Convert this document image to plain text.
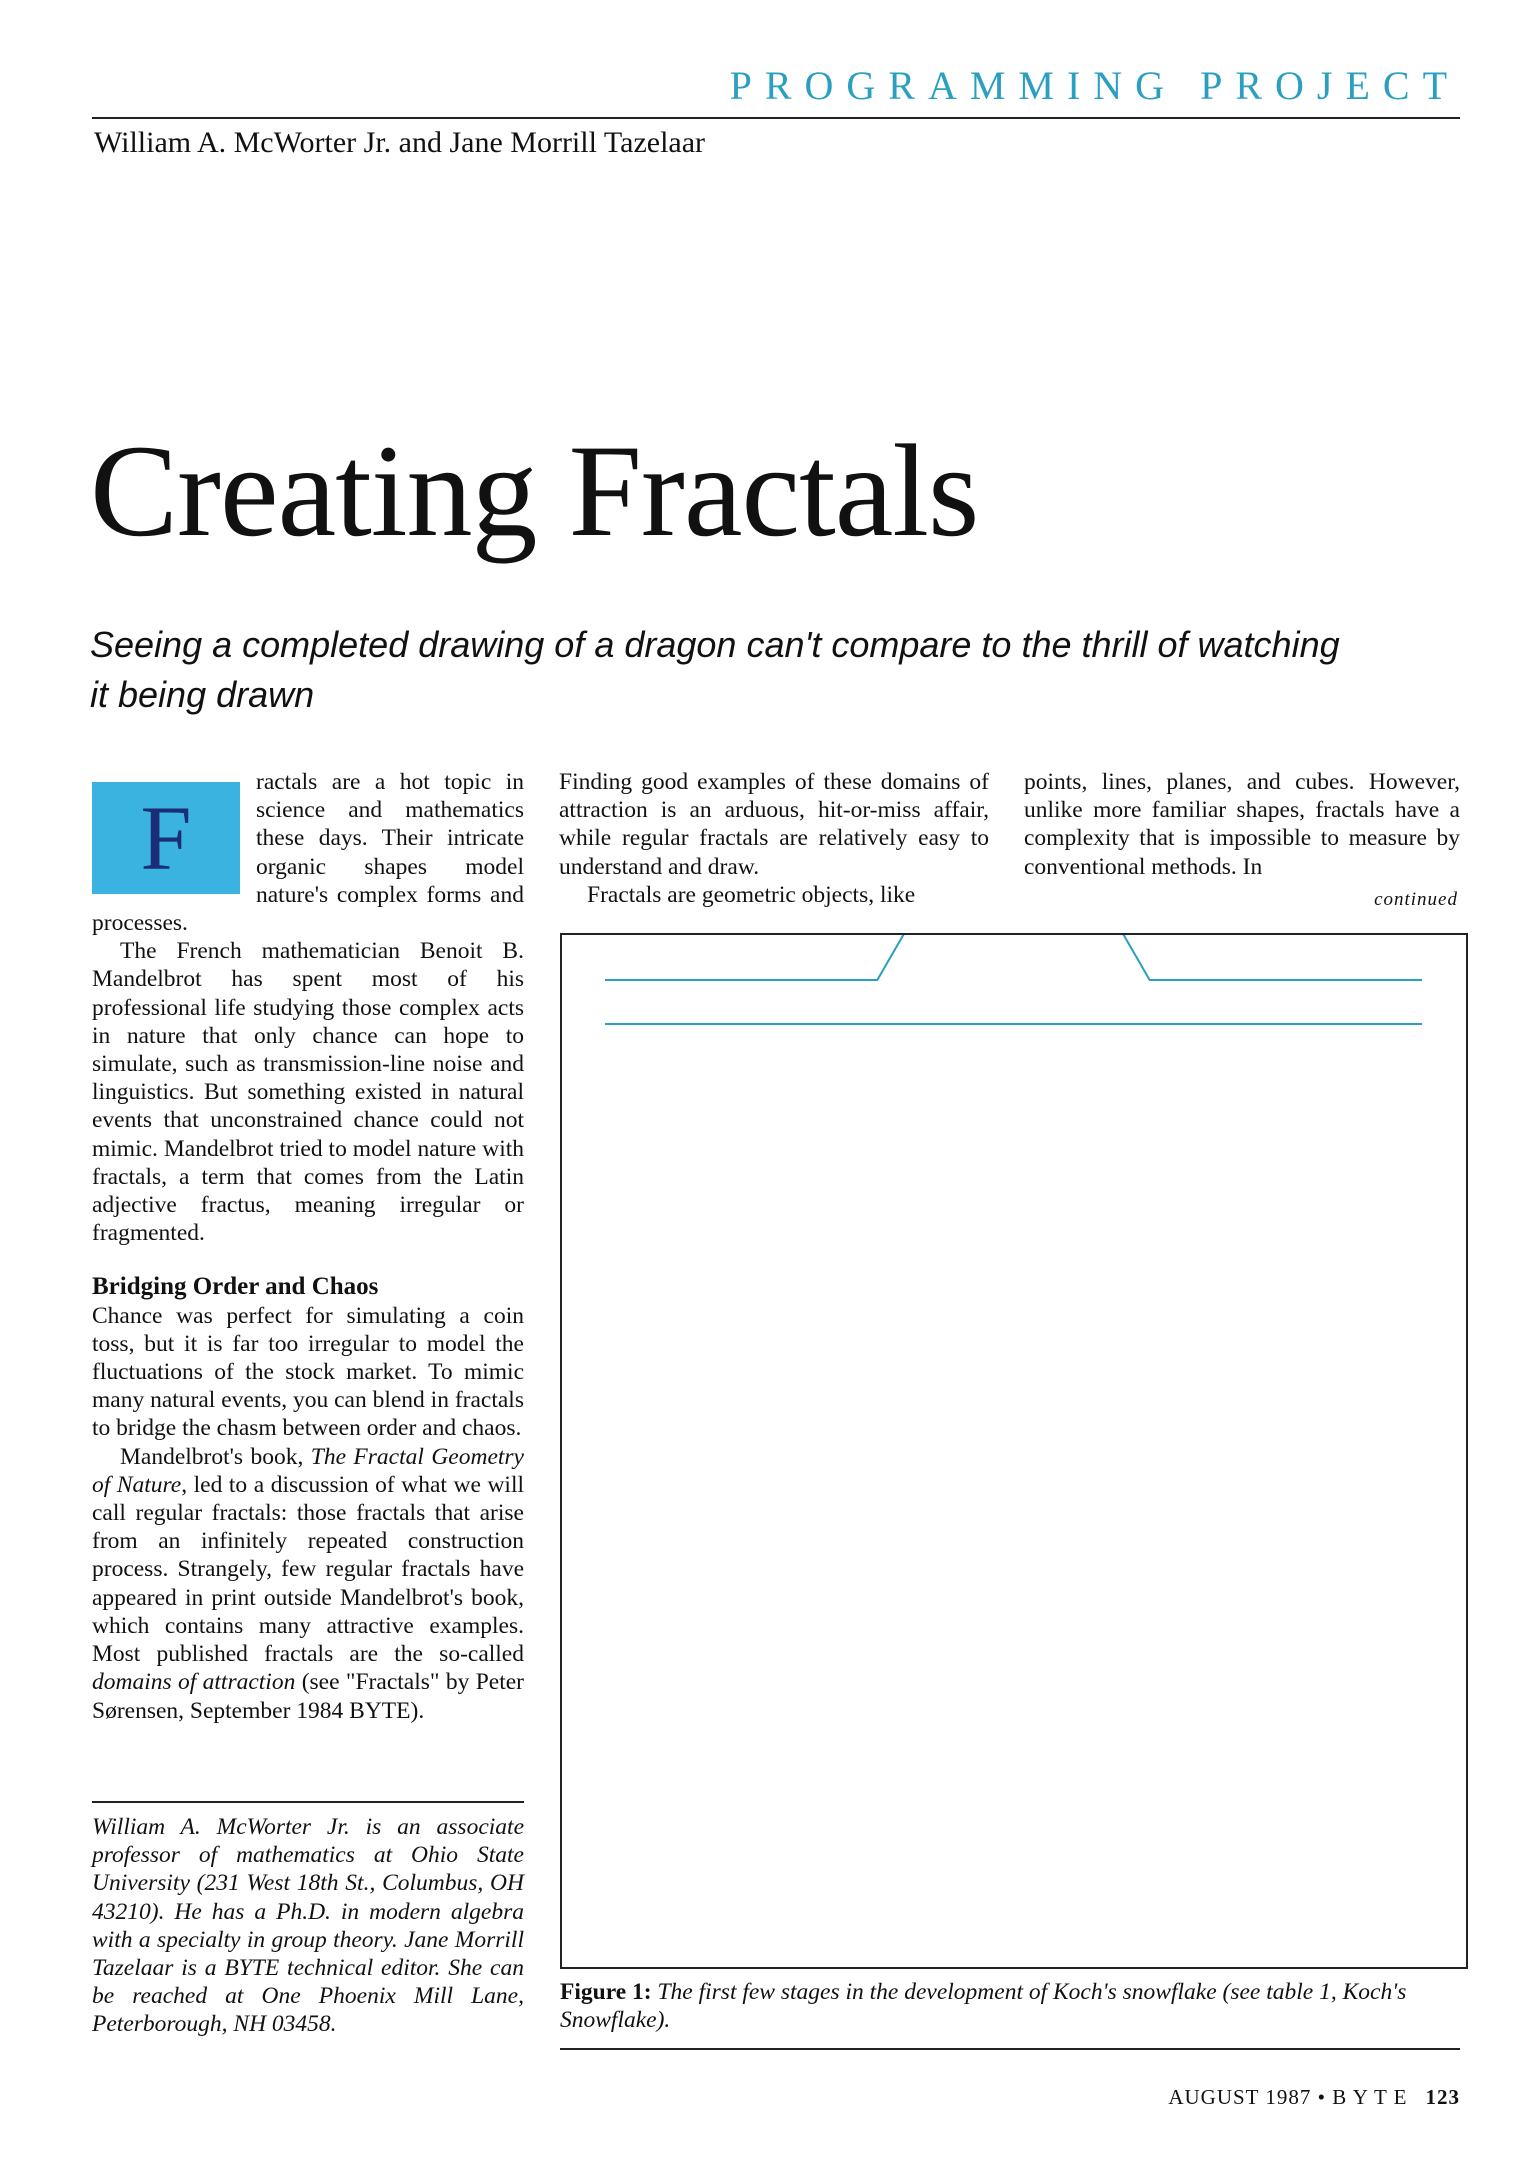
PROGRAMMING PROJECT
William A. McWorter Jr. and Jane Morrill Tazelaar
Creating Fractals
Seeing a completed drawing of a dragon can't compare to the thrill of watching it being drawn

F
ractals are a hot topic in science and mathematics these days. Their intricate organic shapes model nature's complex forms and processes.

The French mathematician Benoit B. Mandelbrot has spent most of his professional life studying those complex acts in nature that only chance can hope to simulate, such as transmission-line noise and linguistics. But something existed in natural events that unconstrained chance could not mimic. Mandelbrot tried to model nature with fractals, a term that comes from the Latin adjective fractus, meaning irregular or fragmented.

Bridging Order and Chaos

Chance was perfect for simulating a coin toss, but it is far too irregular to model the fluctuations of the stock market. To mimic many natural events, you can blend in fractals to bridge the chasm between order and chaos.

Mandelbrot's book, The Fractal Geometry of Nature, led to a discussion of what we will call regular fractals: those fractals that arise from an infinitely repeated construction process. Strangely, few regular fractals have appeared in print outside Mandelbrot's book, which contains many attractive examples. Most published fractals are the so-called domains of attraction (see "Fractals" by Peter Sørensen, September 1984 BYTE).

Finding good examples of these domains of attraction is an arduous, hit-or-miss affair, while regular fractals are relatively easy to understand and draw.

Fractals are geometric objects, like

points, lines, planes, and cubes. However, unlike more familiar shapes, fractals have a complexity that is impossible to measure by conventional methods. In

continued
William A. McWorter Jr. is an associate professor of mathematics at Ohio State University (231 West 18th St., Columbus, OH 43210). He has a Ph.D. in modern algebra with a specialty in group theory. Jane Morrill Tazelaar is a BYTE technical editor. She can be reached at One Phoenix Mill Lane, Peterborough, NH 03458.
Figure 1: The first few stages in the development of Koch's snowflake (see table 1, Koch's Snowflake).
AUGUST 1987 • B Y T E 123
